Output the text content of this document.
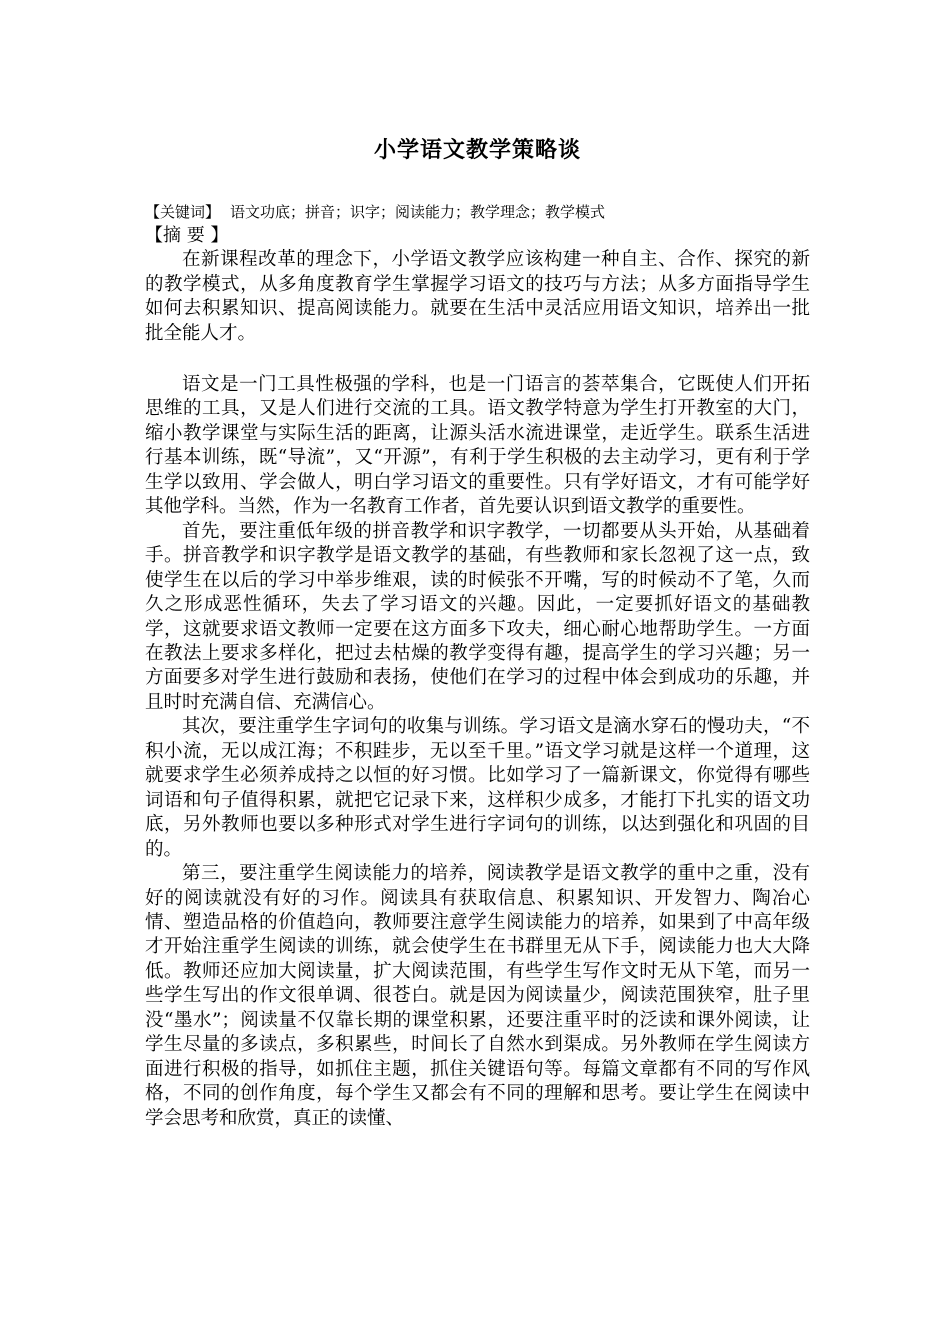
小学语文教学策略谈
【关键词】 语文功底；拼音；识字；阅读能力；教学理念；教学模式
【摘 要 】

在新课程改革的理念下，小学语文教学应该构建一种自主、合作、探究的新的教学模式，从多角度教育学生掌握学习语文的技巧与方法；从多方面指导学生如何去积累知识、提高阅读能力。就要在生活中灵活应用语文知识，培养出一批批全能人才。

语文是一门工具性极强的学科，也是一门语言的荟萃集合，它既使人们开拓思维的工具，又是人们进行交流的工具。语文教学特意为学生打开教室的大门，缩小教学课堂与实际生活的距离，让源头活水流进课堂，走近学生。联系生活进行基本训练，既“导流”，又“开源”，有利于学生积极的去主动学习，更有利于学生学以致用、学会做人，明白学习语文的重要性。只有学好语文，才有可能学好其他学科。当然，作为一名教育工作者，首先要认识到语文教学的重要性。

首先，要注重低年级的拼音教学和识字教学，一切都要从头开始，从基础着手。拼音教学和识字教学是语文教学的基础，有些教师和家长忽视了这一点，致使学生在以后的学习中举步维艰，读的时候张不开嘴，写的时候动不了笔，久而久之形成恶性循环，失去了学习语文的兴趣。因此，一定要抓好语文的基础教学，这就要求语文教师一定要在这方面多下攻夫，细心耐心地帮助学生。一方面在教法上要求多样化，把过去枯燥的教学变得有趣，提高学生的学习兴趣；另一方面要多对学生进行鼓励和表扬，使他们在学习的过程中体会到成功的乐趣，并且时时充满自信、充满信心。

其次，要注重学生字词句的收集与训练。学习语文是滴水穿石的慢功夫，“不积小流，无以成江海；不积跬步，无以至千里。”语文学习就是这样一个道理，这就要求学生必须养成持之以恒的好习惯。比如学习了一篇新课文，你觉得有哪些词语和句子值得积累，就把它记录下来，这样积少成多，才能打下扎实的语文功底，另外教师也要以多种形式对学生进行字词句的训练，以达到强化和巩固的目的。

第三，要注重学生阅读能力的培养，阅读教学是语文教学的重中之重，没有好的阅读就没有好的习作。阅读具有获取信息、积累知识、开发智力、陶冶心情、塑造品格的价值趋向，教师要注意学生阅读能力的培养，如果到了中高年级才开始注重学生阅读的训练，就会使学生在书群里无从下手，阅读能力也大大降低。教师还应加大阅读量，扩大阅读范围，有些学生写作文时无从下笔，而另一些学生写出的作文很单调、很苍白。就是因为阅读量少，阅读范围狭窄，肚子里没“墨水”；阅读量不仅靠长期的课堂积累，还要注重平时的泛读和课外阅读，让学生尽量的多读点，多积累些，时间长了自然水到渠成。另外教师在学生阅读方面进行积极的指导，如抓住主题，抓住关键语句等。每篇文章都有不同的写作风格，不同的创作角度，每个学生又都会有不同的理解和思考。要让学生在阅读中学会思考和欣赏，真正的读懂、
